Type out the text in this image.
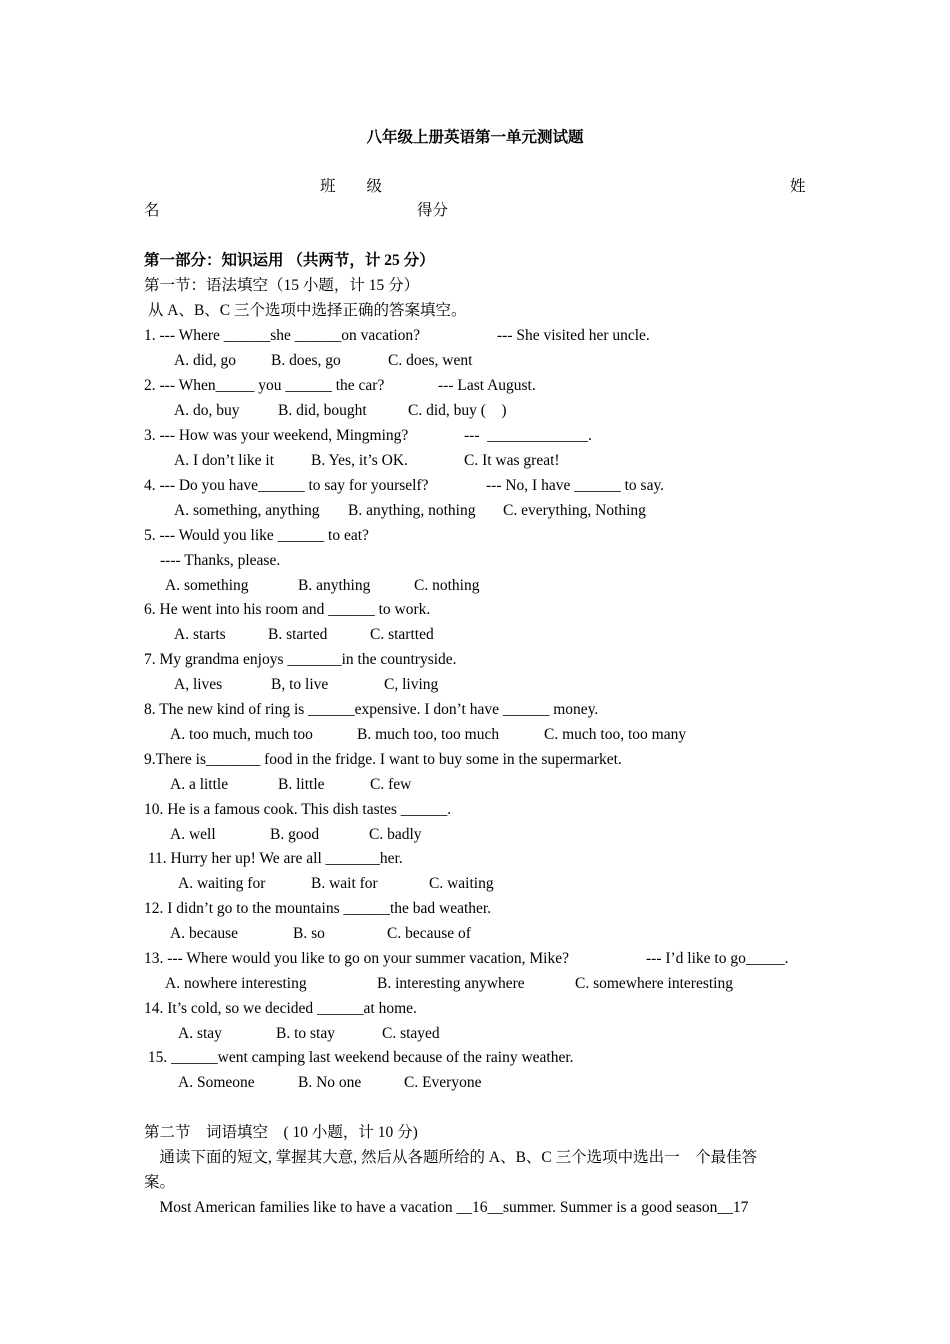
八年级上册英语第一单元测试题
班　　级	姓
名	得分
第一部分：知识运用 （共两节，计 25 分）
第一节：语法填空（15 小题，计 15 分）
从 A、B、C 三个选项中选择正确的答案填空。
1. --- Where ______she ______on vacation?	--- She visited her uncle.
A. did, go B. does, go	C. does, went
2. --- When_____ you ______ the car?	--- Last August.
A. do, buy B. did, bought	C. did, buy (　)
3. --- How was your weekend, Mingming?	---  _____________.
A. I don’t like it B. Yes, it’s OK.	C. It was great!
4. --- Do you have______ to say for yourself?	--- No, I have ______ to say.
A. something, anything B. anything, nothing C. everything, Nothing
5. --- Would you like ______ to eat?
---- Thanks, please.
A. something	B. anything	C. nothing
6. He went into his room and ______ to work.
A. starts	B. started	C. startted
7. My grandma enjoys _______in the countryside.
A, lives	B, to live	C, living
8. The new kind of ring is ______expensive. I don’t have ______ money.
A. too much, much too	B. much too, too much	C. much too, too many
9.There is_______ food in the fridge. I want to buy some in the supermarket.
A. a little	B. little	C. few
10. He is a famous cook. This dish tastes ______.
A. well	B. good	C. badly
11. Hurry her up! We are all _______her.
A. waiting for	B. wait for	C. waiting
12. I didn’t go to the mountains ______the bad weather.
A. because	B. so	C. because of
13. --- Where would you like to go on your summer vacation, Mike?	--- I’d like to go_____.
A. nowhere interesting	B. interesting anywhere	C. somewhere interesting
14. It’s cold, so we decided ______at home.
A. stay	B. to stay	C. stayed
15. ______went camping last weekend because of the rainy weather.
A. Someone	B. No one	C. Everyone
第二节　词语填空　( 10 小题，计 10 分)
　通读下面的短文, 掌握其大意, 然后从各题所给的 A、B、C 三个选项中选出一　个最佳答
案。
　Most American families like to have a vacation __16__summer. Summer is a good season__17
